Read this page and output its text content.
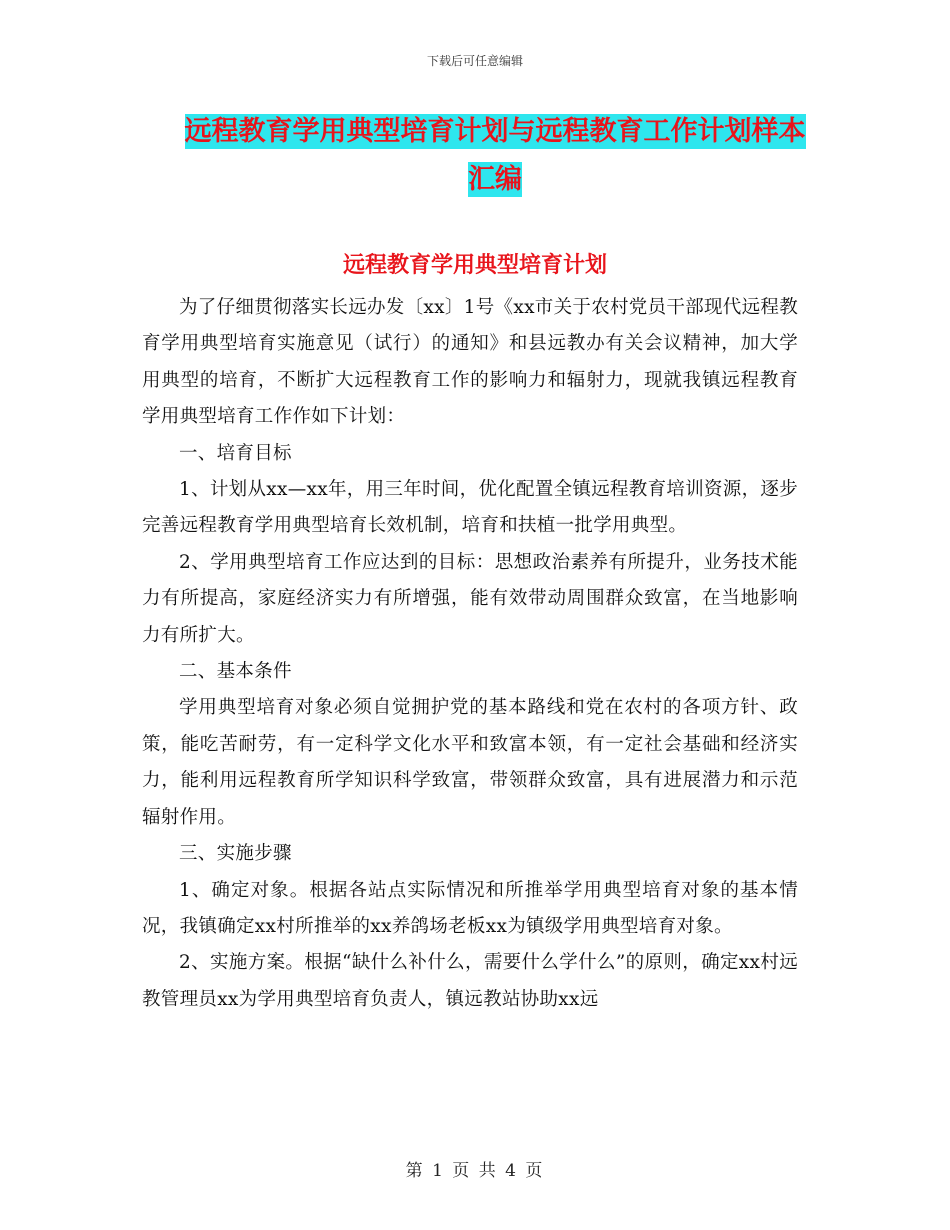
下载后可任意编辑
远程教育学用典型培育计划与远程教育工作计划样本
汇编
远程教育学用典型培育计划

为了仔细贯彻落实长远办发〔xx〕1号《xx市关于农村党员干部现代远程教育学用典型培育实施意见（试行）的通知》和县远教办有关会议精神，加大学用典型的培育，不断扩大远程教育工作的影响力和辐射力，现就我镇远程教育学用典型培育工作作如下计划：

一、培育目标

1、计划从xx—xx年，用三年时间，优化配置全镇远程教育培训资源，逐步完善远程教育学用典型培育长效机制，培育和扶植一批学用典型。

2、学用典型培育工作应达到的目标：思想政治素养有所提升，业务技术能力有所提高，家庭经济实力有所增强，能有效带动周围群众致富，在当地影响力有所扩大。

二、基本条件

学用典型培育对象必须自觉拥护党的基本路线和党在农村的各项方针、政策，能吃苦耐劳，有一定科学文化水平和致富本领，有一定社会基础和经济实力，能利用远程教育所学知识科学致富，带领群众致富，具有进展潜力和示范辐射作用。

三、实施步骤

1、确定对象。根据各站点实际情况和所推举学用典型培育对象的基本情况，我镇确定xx村所推举的xx养鸽场老板xx为镇级学用典型培育对象。

2、实施方案。根据“缺什么补什么，需要什么学什么”的原则，确定xx村远教管理员xx为学用典型培育负责人，镇远教站协助xx远

第 1 页 共 4 页
